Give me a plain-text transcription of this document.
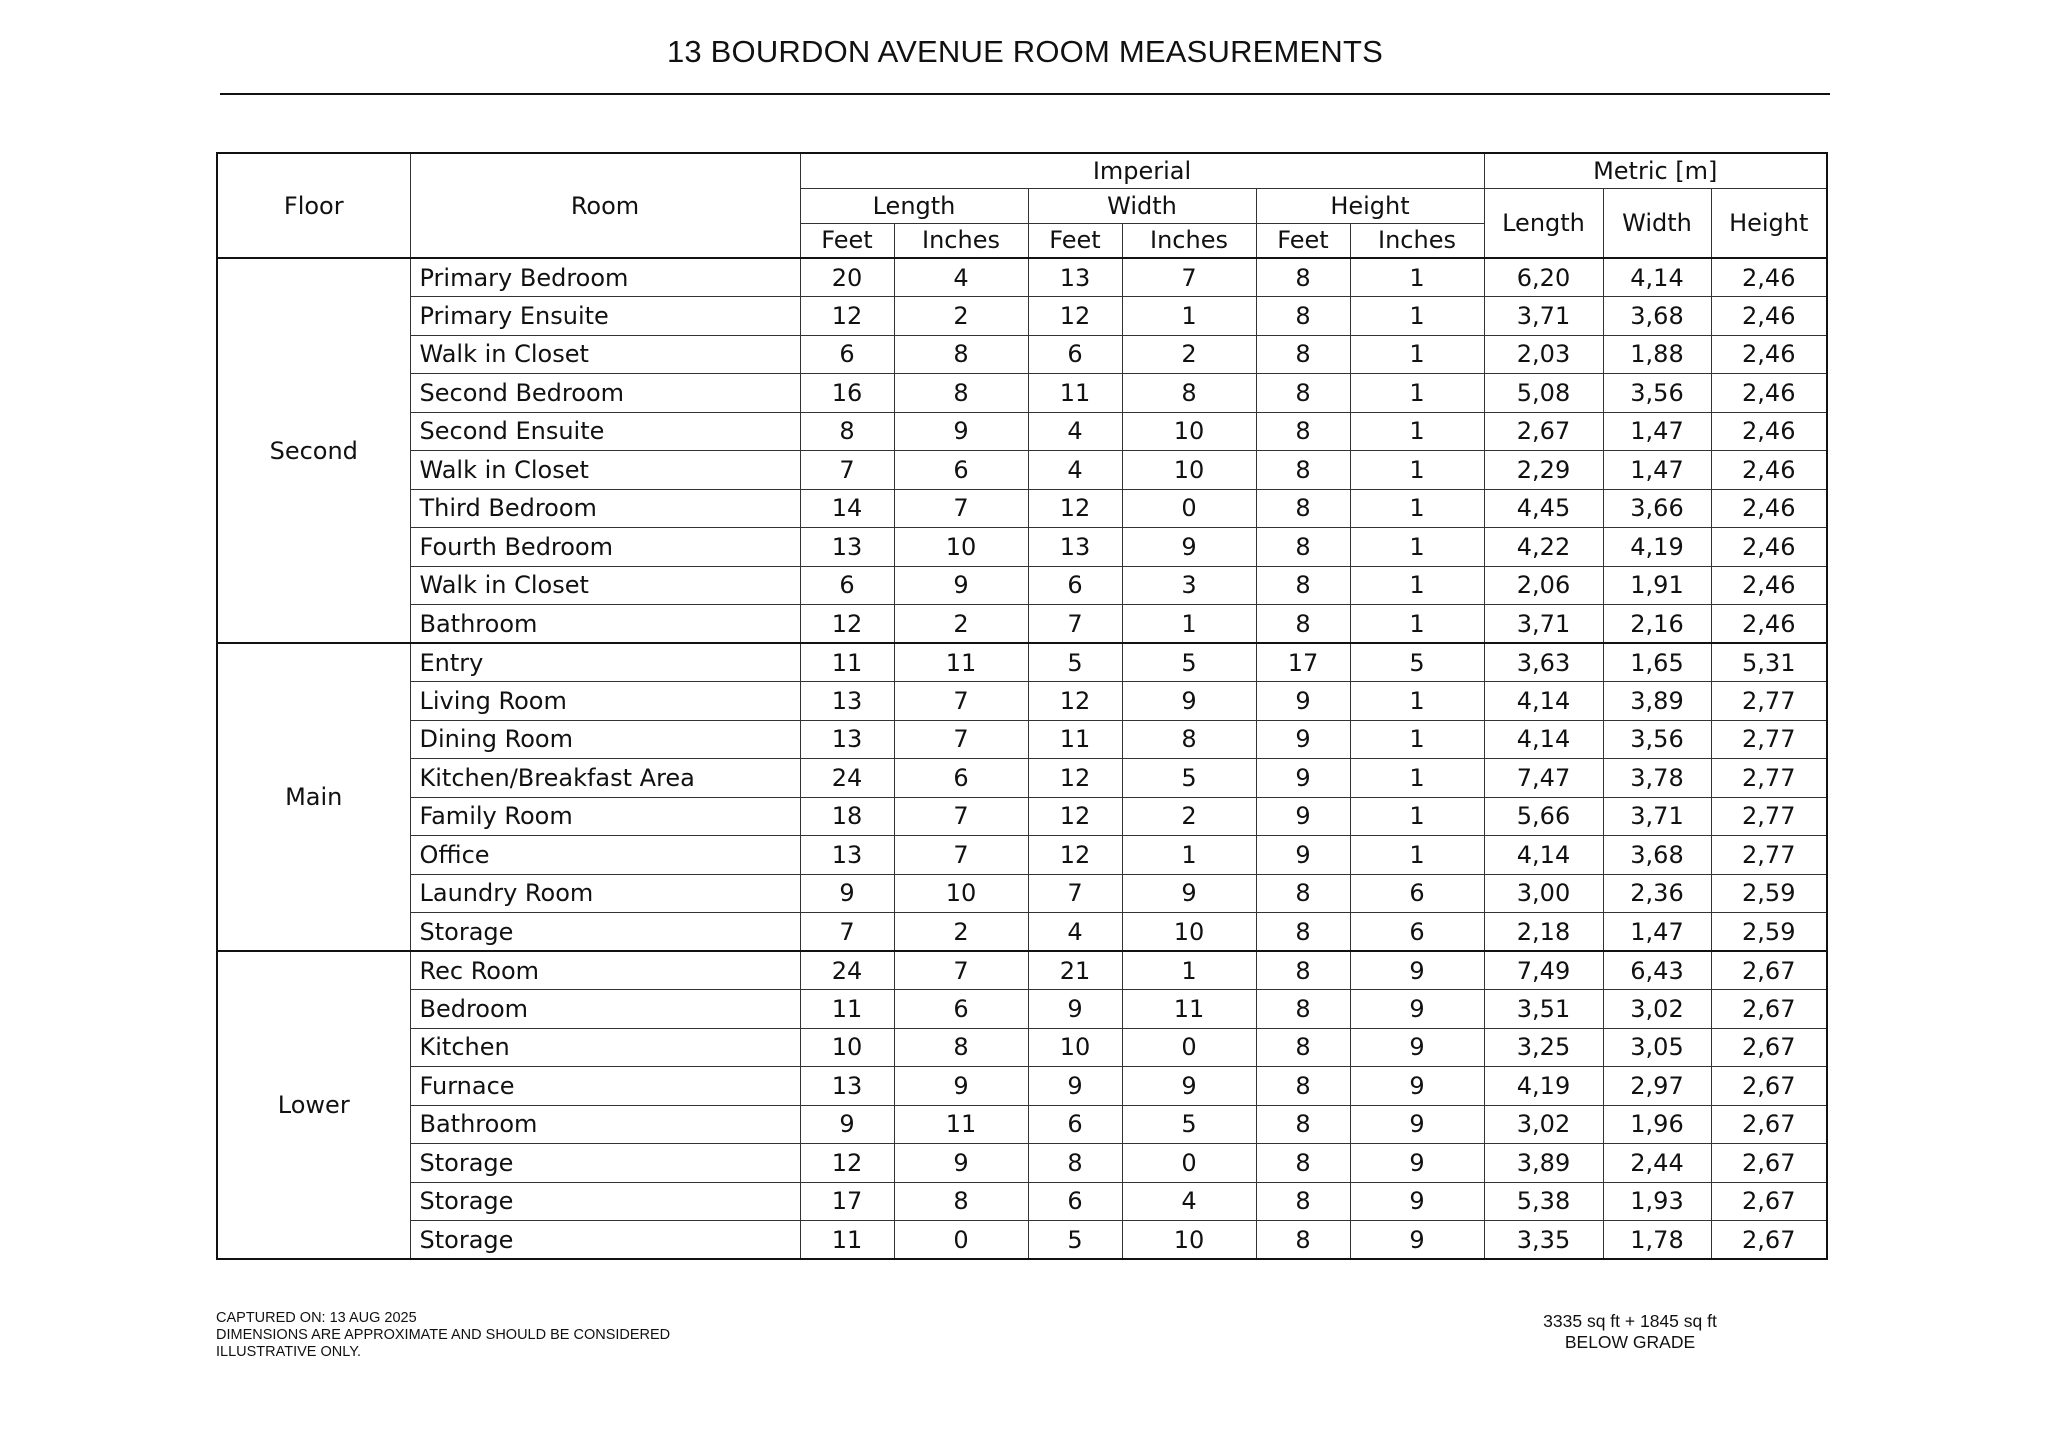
13 BOURDON AVENUE ROOM MEASUREMENTS
Floor	Room	Imperial						Metric [m]		
		Length		Width		Height		Length	Width	Height
		Feet	Inches	Feet	Inches	Feet	Inches			
Second	Primary Bedroom	20	4	13	7	8	1	6,20	4,14	2,46
	Primary Ensuite	12	2	12	1	8	1	3,71	3,68	2,46
	Walk in Closet	6	8	6	2	8	1	2,03	1,88	2,46
	Second Bedroom	16	8	11	8	8	1	5,08	3,56	2,46
	Second Ensuite	8	9	4	10	8	1	2,67	1,47	2,46
	Walk in Closet	7	6	4	10	8	1	2,29	1,47	2,46
	Third Bedroom	14	7	12	0	8	1	4,45	3,66	2,46
	Fourth Bedroom	13	10	13	9	8	1	4,22	4,19	2,46
	Walk in Closet	6	9	6	3	8	1	2,06	1,91	2,46
	Bathroom	12	2	7	1	8	1	3,71	2,16	2,46
Main	Entry	11	11	5	5	17	5	3,63	1,65	5,31
	Living Room	13	7	12	9	9	1	4,14	3,89	2,77
	Dining Room	13	7	11	8	9	1	4,14	3,56	2,77
	Kitchen/Breakfast Area	24	6	12	5	9	1	7,47	3,78	2,77
	Family Room	18	7	12	2	9	1	5,66	3,71	2,77
	Office	13	7	12	1	9	1	4,14	3,68	2,77
	Laundry Room	9	10	7	9	8	6	3,00	2,36	2,59
	Storage	7	2	4	10	8	6	2,18	1,47	2,59
Lower	Rec Room	24	7	21	1	8	9	7,49	6,43	2,67
	Bedroom	11	6	9	11	8	9	3,51	3,02	2,67
	Kitchen	10	8	10	0	8	9	3,25	3,05	2,67
	Furnace	13	9	9	9	8	9	4,19	2,97	2,67
	Bathroom	9	11	6	5	8	9	3,02	1,96	2,67
	Storage	12	9	8	0	8	9	3,89	2,44	2,67
	Storage	17	8	6	4	8	9	5,38	1,93	2,67
	Storage	11	0	5	10	8	9	3,35	1,78	2,67
CAPTURED ON: 13 AUG 2025
DIMENSIONS ARE APPROXIMATE AND SHOULD BE CONSIDERED
ILLUSTRATIVE ONLY.
3335 sq ft + 1845 sq ft
BELOW GRADE
